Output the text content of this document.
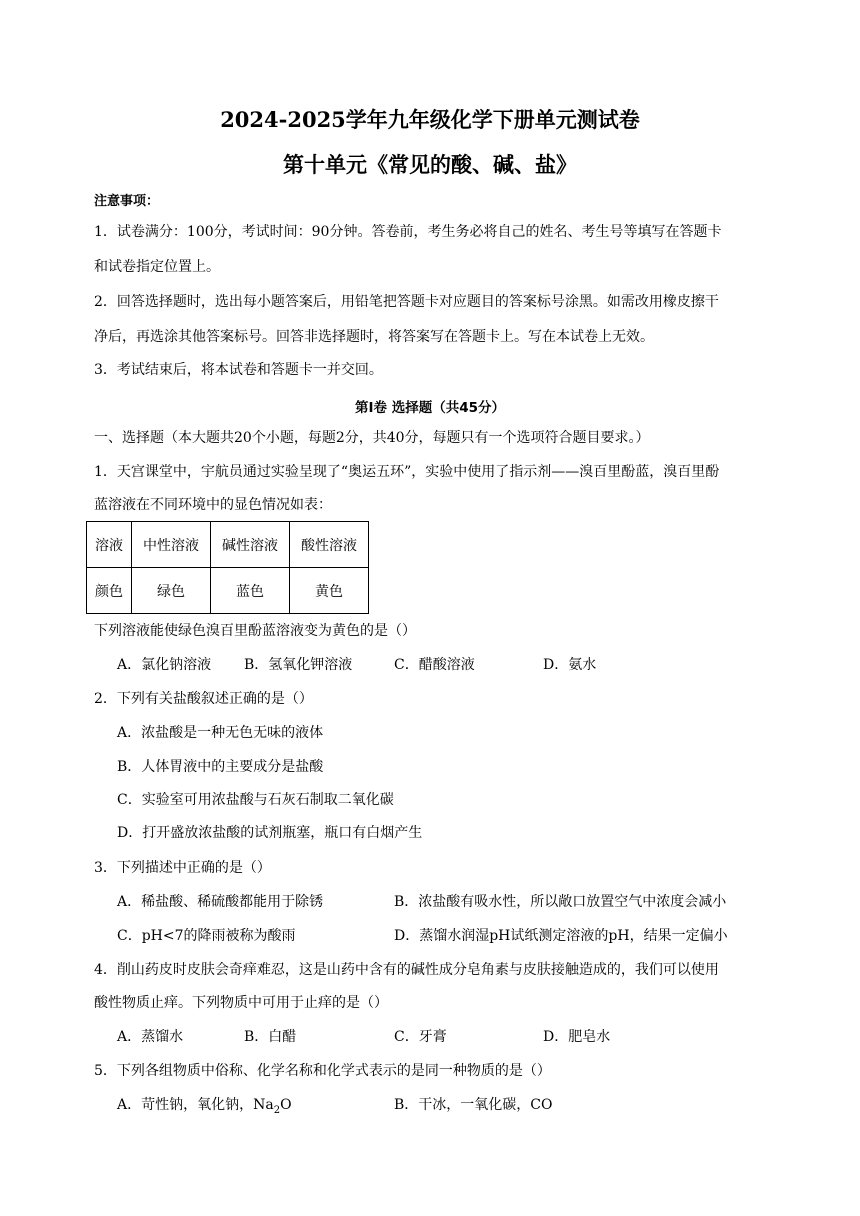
2024-2025学年九年级化学下册单元测试卷
第十单元《常见的酸、碱、盐》
注意事项：
1．试卷满分：100分，考试时间：90分钟。答卷前，考生务必将自己的姓名、考生号等填写在答题卡
和试卷指定位置上。
2．回答选择题时，选出每小题答案后，用铅笔把答题卡对应题目的答案标号涂黑。如需改用橡皮擦干
净后，再选涂其他答案标号。回答非选择题时，将答案写在答题卡上。写在本试卷上无效。
3．考试结束后，将本试卷和答题卡一并交回。
第Ⅰ卷 选择题（共45分）
一、选择题（本大题共20个小题，每题2分，共40分，每题只有一个选项符合题目要求。）
1．天宫课堂中，宇航员通过实验呈现了“奥运五环”，实验中使用了指示剂——溴百里酚蓝，溴百里酚
蓝溶液在不同环境中的显色情况如表：
溶液	中性溶液	碱性溶液	酸性溶液
颜色	绿色	蓝色	黄色
下列溶液能使绿色溴百里酚蓝溶液变为黄色的是（）
A．氯化钠溶液 B．氢氧化钾溶液	C．醋酸溶液	D．氨水
2．下列有关盐酸叙述正确的是（）
A．浓盐酸是一种无色无味的液体
B．人体胃液中的主要成分是盐酸
C．实验室可用浓盐酸与石灰石制取二氧化碳
D．打开盛放浓盐酸的试剂瓶塞，瓶口有白烟产生
3．下列描述中正确的是（）
A．稀盐酸、稀硫酸都能用于除锈	B．浓盐酸有吸水性，所以敞口放置空气中浓度会减小
C．pH<7的降雨被称为酸雨	D．蒸馏水润湿pH试纸测定溶液的pH，结果一定偏小
4．削山药皮时皮肤会奇痒难忍，这是山药中含有的碱性成分皂角素与皮肤接触造成的，我们可以使用
酸性物质止痒。下列物质中可用于止痒的是（）
A．蒸馏水	B．白醋	C．牙膏	D．肥皂水
5．下列各组物质中俗称、化学名称和化学式表示的是同一种物质的是（）
A．苛性钠，氧化钠，$Na_2O$	B．干冰，一氧化碳，CO
